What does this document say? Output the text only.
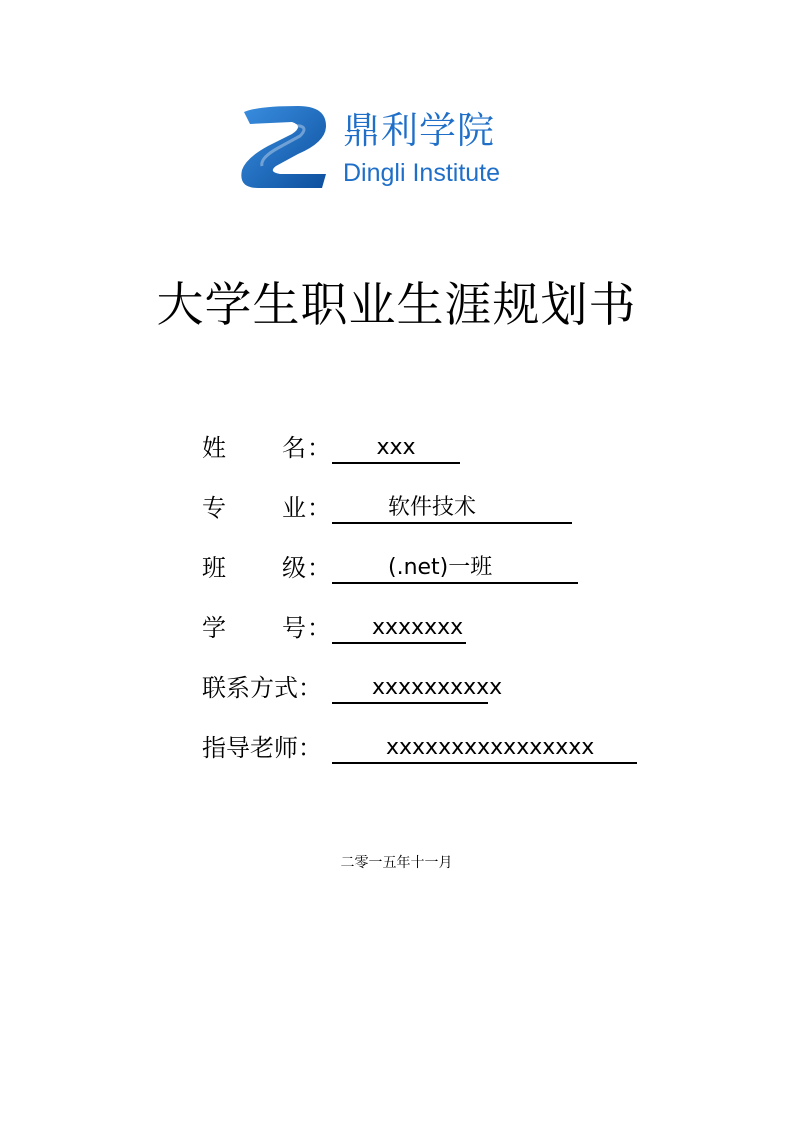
鼎利学院
Dingli Institute
大学生职业生涯规划书
姓 名 ：	xxx
专 业 ：	软件技术
班 级 ：	(.net)一班
学 号 ：	xxxxxxx
联系方式：	xxxxxxxxxx
指导老师：	xxxxxxxxxxxxxxxx
二零一五年十一月
